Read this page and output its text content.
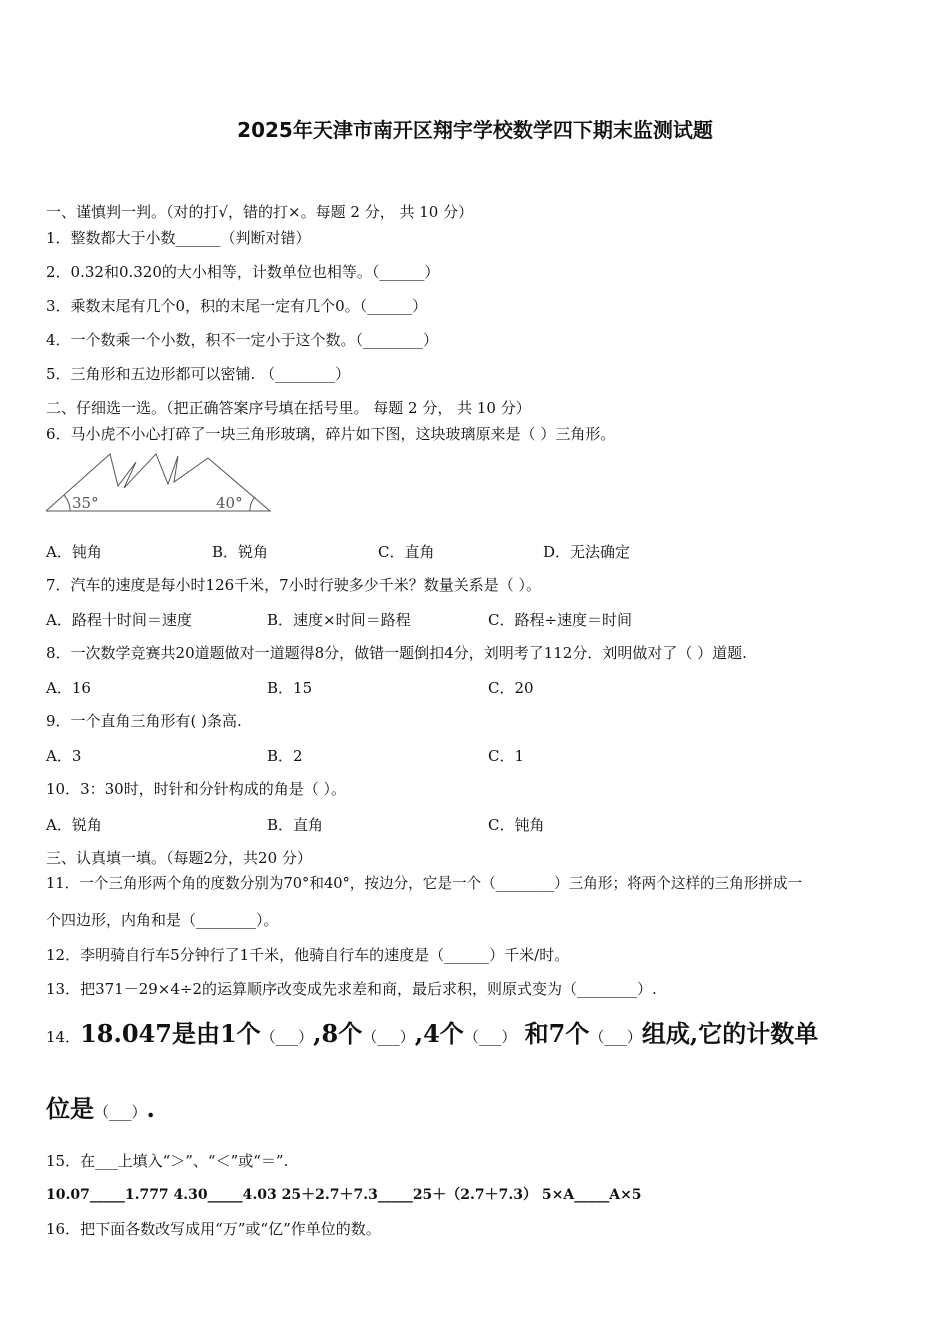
2025年天津市南开区翔宇学校数学四下期末监测试题
一、谨慎判一判。（对的打√，错的打×。每题 2 分， 共 10 分）
1．整数都大于小数______（判断对错）
2．0.32和0.320的大小相等，计数单位也相等。（______）
3．乘数末尾有几个0，积的末尾一定有几个0。（______）
4．一个数乘一个小数，积不一定小于这个数。（________）
5．三角形和五边形都可以密铺. （________）
二、仔细选一选。（把正确答案序号填在括号里。 每题 2 分， 共 10 分）
6．马小虎不小心打碎了一块三角形玻璃，碎片如下图，这块玻璃原来是（ ）三角形。
35°	40°
A．钝角	B．锐角	C．直角	D．无法确定
7．汽车的速度是每小时126千米，7小时行驶多少千米？数量关系是（ ）。
A．路程十时间＝速度	B．速度×时间＝路程	C．路程÷速度＝时间
8．一次数学竞赛共20道题做对一道题得8分，做错一题倒扣4分，刘明考了112分．刘明做对了（ ）道题.
A．16	B．15	C．20
9．一个直角三角形有( )条高.
A．3	B．2	C．1
10．3：30时，时针和分针构成的角是（ ）。
A．锐角	B．直角	C．钝角
三、认真填一填。（每题2分，共20 分）
11．一个三角形两个角的度数分别为70°和40°，按边分，它是一个（________）三角形；将两个这样的三角形拼成一
个四边形，内角和是（________）。
12．李明骑自行车5分钟行了1千米，他骑自行车的速度是（______）千米/时。
13．把371－29×4÷2的运算顺序改变成先求差和商，最后求积，则原式变为（________）.
14．18.047是由1个（___）,8个（___）,4个（___） 和7个（___）组成,它的计数单
位是（___）.
15．在___上填入“＞”、“＜”或“＝”.
10.07_____1.777 4.30_____4.03 25＋2.7＋7.3_____25＋（2.7＋7.3） 5×A_____A×5
16．把下面各数改写成用“万”或“亿”作单位的数。
